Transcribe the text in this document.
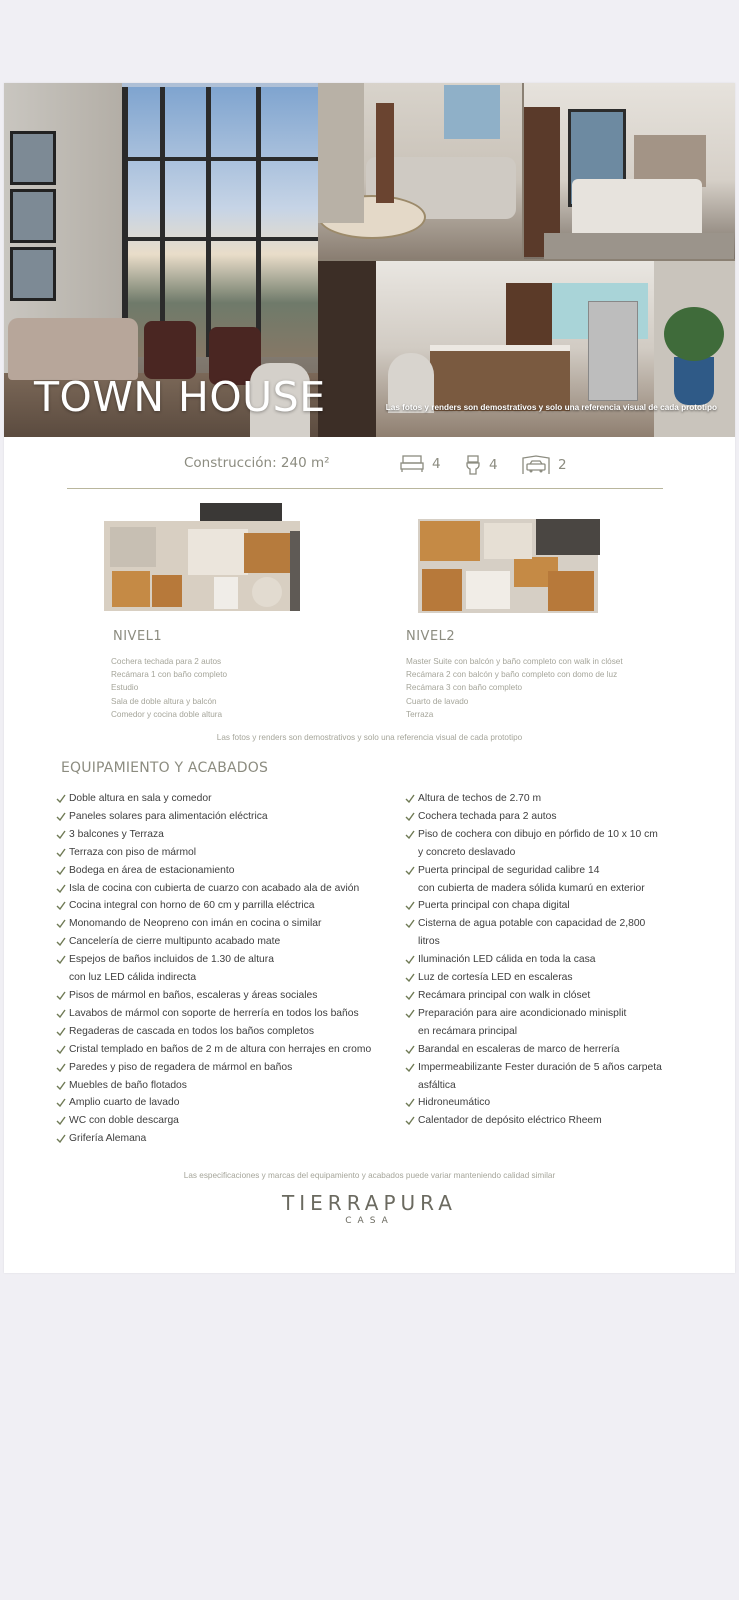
TOWN HOUSE	Las fotos y renders son demostrativos y solo una referencia visual de cada prototipo
Construcción: 240 m²	4	4	2
NIVEL1
Cochera techada para 2 autos
Recámara 1 con baño completo
Estudio
Sala de doble altura y balcón
Comedor y cocina doble altura
NIVEL2
Master Suite con balcón y baño completo con walk in clóset
Recámara 2 con balcón y baño completo con domo de luz
Recámara 3 con baño completo
Cuarto de lavado
Terraza
Las fotos y renders son demostrativos y solo una referencia visual de cada prototipo
EQUIPAMIENTO Y ACABADOS
Doble altura en sala y comedor
Paneles solares para alimentación eléctrica
3 balcones y Terraza
Terraza con piso de mármol
Bodega en área de estacionamiento
Isla de cocina con cubierta de cuarzo con acabado ala de avión
Cocina integral con horno de 60 cm y parrilla eléctrica
Monomando de Neopreno con imán en cocina o similar
Cancelería de cierre multipunto acabado mate
Espejos de baños incluidos de 1.30 de altura
con luz LED cálida indirecta
Pisos de mármol en baños, escaleras y áreas sociales
Lavabos de mármol con soporte de herrería en todos los baños
Regaderas de cascada en todos los baños completos
Cristal templado en baños de 2 m de altura con herrajes en cromo
Paredes y piso de regadera de mármol en baños
Muebles de baño flotados
Amplio cuarto de lavado
WC con doble descarga
Grifería Alemana
Altura de techos de 2.70 m
Cochera techada para 2 autos
Piso de cochera con dibujo en pórfido de 10 x 10 cm
y concreto deslavado
Puerta principal de seguridad calibre 14
con cubierta de madera sólida kumarú en exterior
Puerta principal con chapa digital
Cisterna de agua potable con capacidad de 2,800
litros
Iluminación LED cálida en toda la casa
Luz de cortesía LED en escaleras
Recámara principal con walk in clóset
Preparación para aire acondicionado minisplit
en recámara principal
Barandal en escaleras de marco de herrería
Impermeabilizante Fester duración de 5 años carpeta
asfáltica
Hidroneumático
Calentador de depósito eléctrico Rheem
Las especificaciones y marcas del equipamiento y acabados puede variar manteniendo calidad similar
TIERRAPURA
CASA
